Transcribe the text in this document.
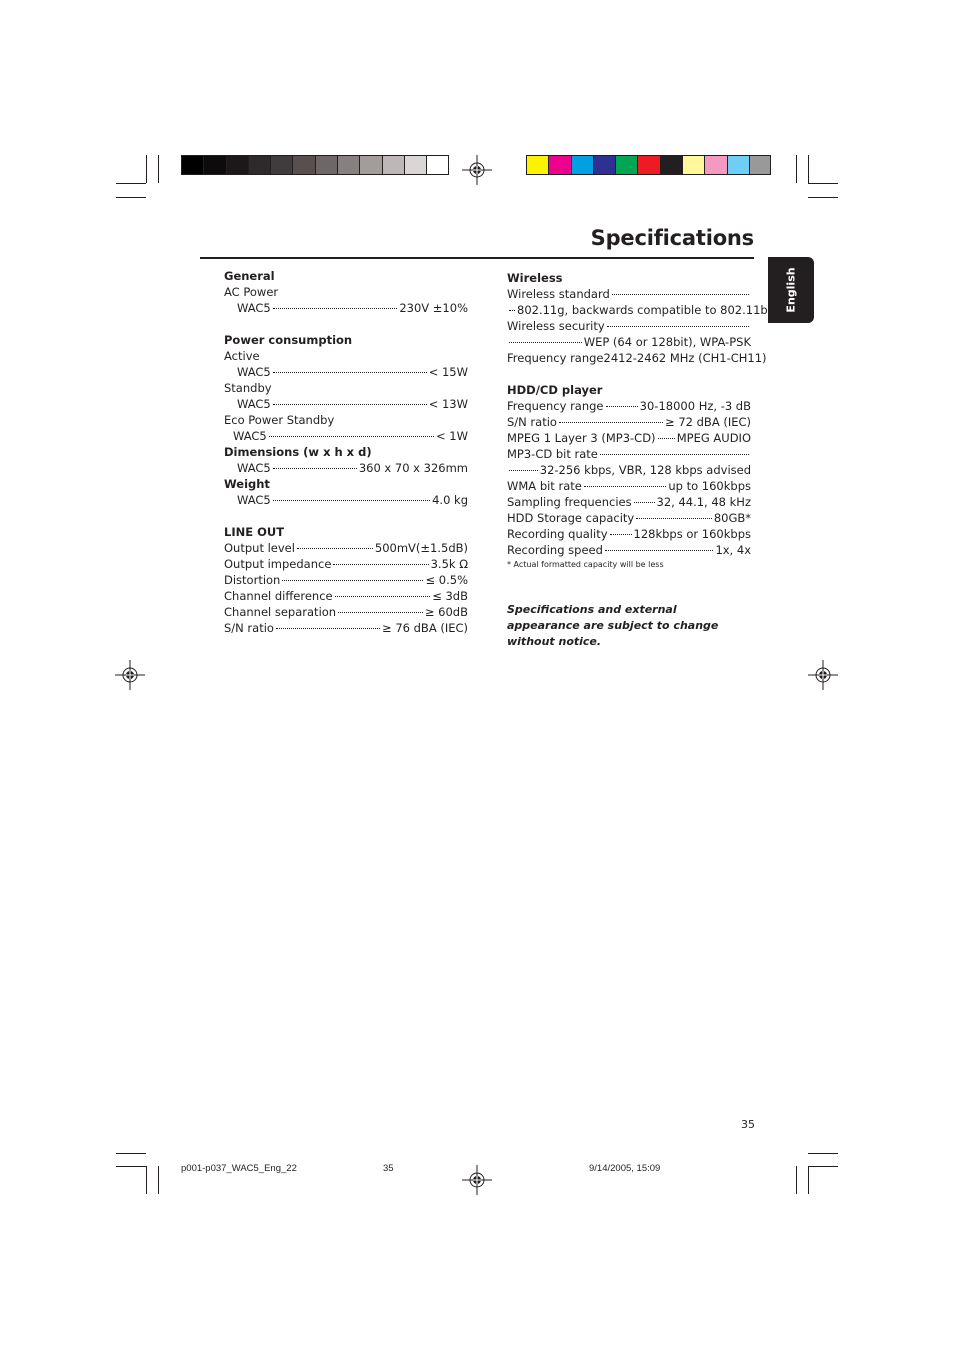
Specifications
English
General
AC Power
WAC5	230V ±10%
Power consumption
Active
WAC5	< 15W
Standby
WAC5	< 13W
Eco Power Standby
WAC5	< 1W
Dimensions (w x h x d)
WAC5	360 x 70 x 326mm
Weight
WAC5	4.0 kg
LINE OUT
Output level	500mV(±1.5dB)
Output impedance	3.5k Ω
Distortion	≤ 0.5%
Channel difference	≤ 3dB
Channel separation	≥ 60dB
S/N ratio	≥ 76 dBA (IEC)
Wireless
Wireless standard
802.11g, backwards compatible to 802.11b
Wireless security
WEP (64 or 128bit), WPA-PSK
Frequency range 2412-2462 MHz (CH1-CH11)
HDD/CD player
Frequency range	30-18000 Hz, -3 dB
S/N ratio	≥ 72 dBA (IEC)
MPEG 1 Layer 3 (MP3-CD) MPEG AUDIO
MP3-CD bit rate
32-256 kbps, VBR, 128 kbps advised
WMA bit rate	up to 160kbps
Sampling frequencies 32, 44.1, 48 kHz
HDD Storage capacity	80GB*
Recording quality 128kbps or 160kbps
Recording speed	1x, 4x
* Actual formatted capacity will be less
Specifications and external appearance are subject to change without notice.
35
p001-p037_WAC5_Eng_22	35	9/14/2005, 15:09
